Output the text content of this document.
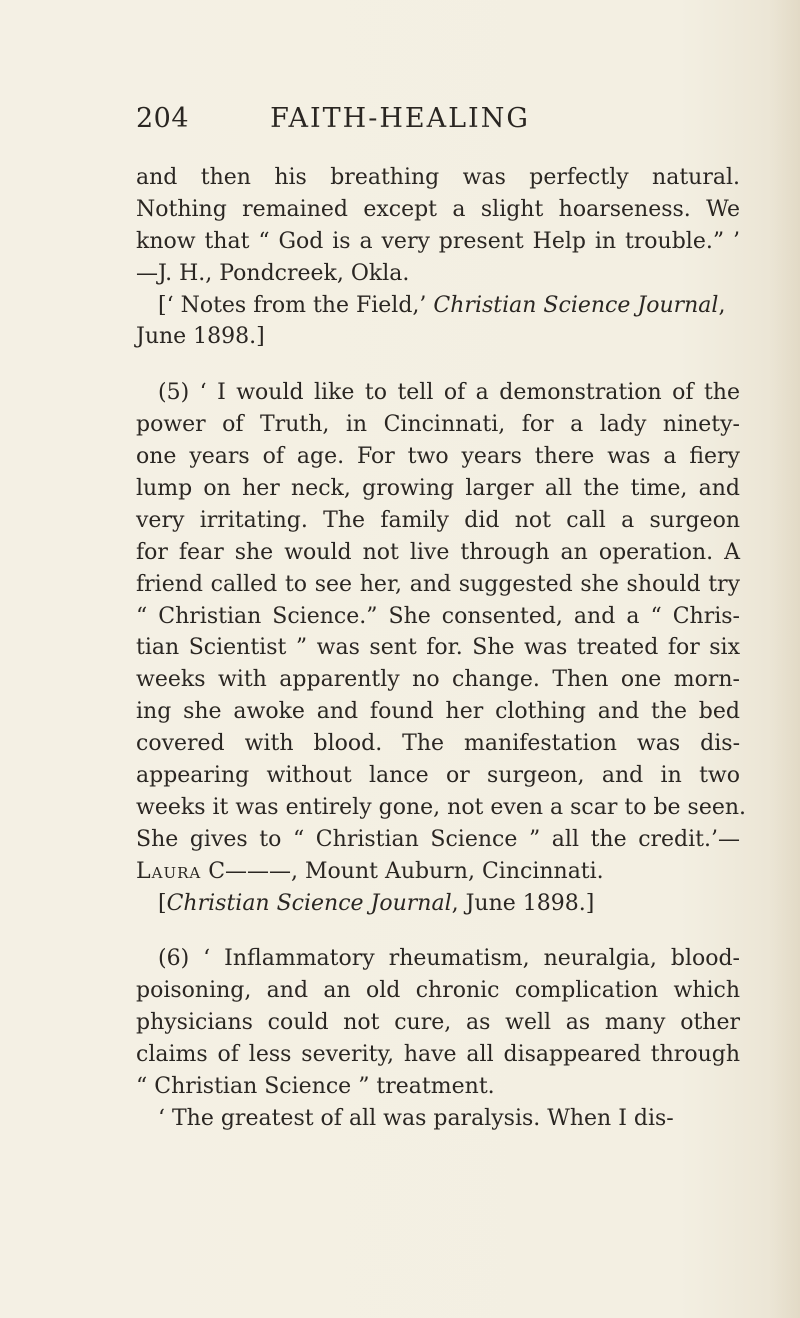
FAITH-HEALING
204
and then his breathing was perfectly natural.
Nothing remained except a slight hoarseness. We
know that “ God is a very present Help in trouble.” ’
—J. H., Pondcreek, Okla.
[‘ Notes from the Field,’ Christian Science Journal,
June 1898.]
(5) ‘ I would like to tell of a demonstration of the
power of Truth, in Cincinnati, for a lady ninety-
one years of age. For two years there was a fiery
lump on her neck, growing larger all the time, and
very irritating. The family did not call a surgeon
for fear she would not live through an operation. A
friend called to see her, and suggested she should try
“ Christian Science.” She consented, and a “ Chris-
tian Scientist ” was sent for. She was treated for six
weeks with apparently no change. Then one morn-
ing she awoke and found her clothing and the bed
covered with blood. The manifestation was dis-
appearing without lance or surgeon, and in two
weeks it was entirely gone, not even a scar to be seen.
She gives to “ Christian Science ” all the credit.’—
Laura C———, Mount Auburn, Cincinnati.
[Christian Science Journal, June 1898.]
(6) ‘ Inflammatory rheumatism, neuralgia, blood-
poisoning, and an old chronic complication which
physicians could not cure, as well as many other
claims of less severity, have all disappeared through
“ Christian Science ” treatment.
‘ The greatest of all was paralysis. When I dis-
